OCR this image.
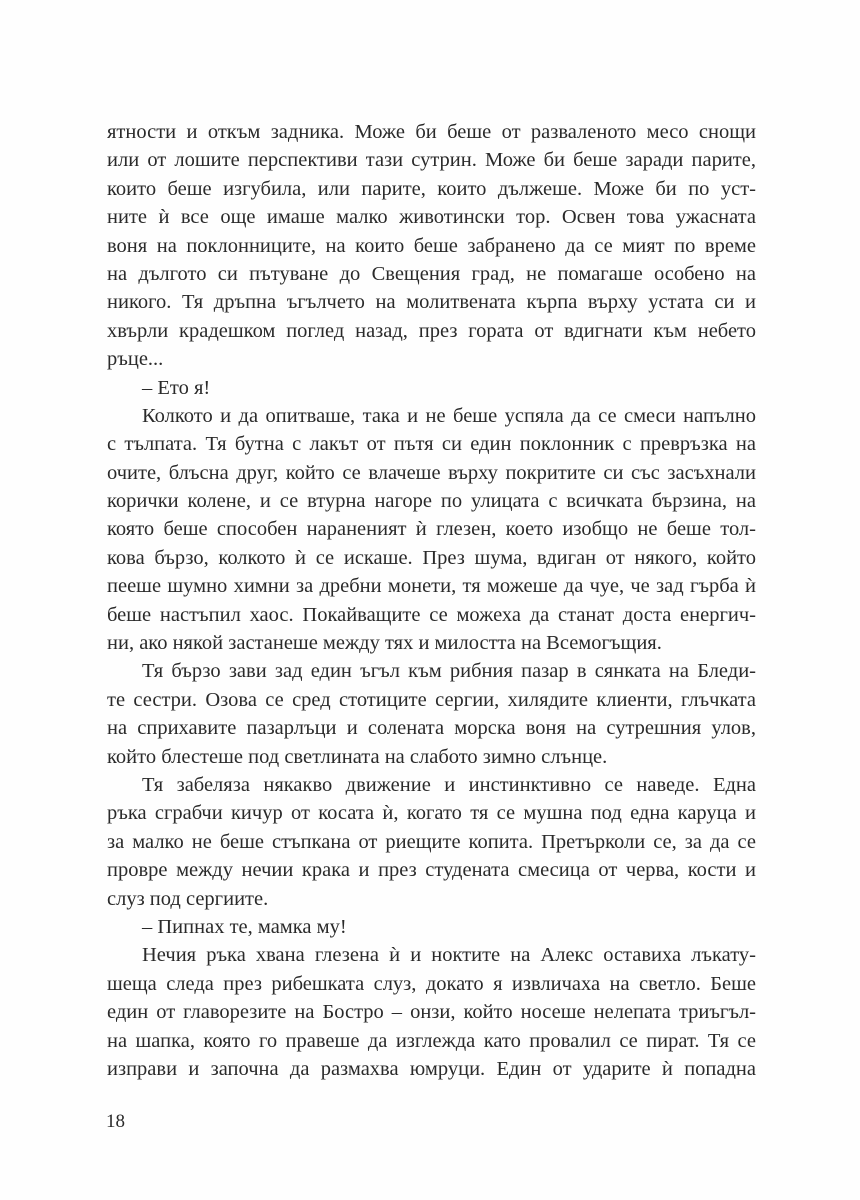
ятности и откъм задника. Може би беше от разваленото месо снощи
или от лошите перспективи тази сутрин. Може би беше заради парите,
които беше изгубила, или парите, които дължеше. Може би по уст-
ните ѝ все още имаше малко животински тор. Освен това ужасната
воня на поклонниците, на които беше забранено да се мият по време
на дългото си пътуване до Свещения град, не помагаше особено на
никого. Тя дръпна ъгълчето на молитвената кърпа върху устата си и
хвърли крадешком поглед назад, през гората от вдигнати към небето
ръце...
– Ето я!
Колкото и да опитваше, така и не беше успяла да се смеси напълно
с тълпата. Тя бутна с лакът от пътя си един поклонник с превръзка на
очите, блъсна друг, който се влачеше върху покритите си със засъхнали
корички колене, и се втурна нагоре по улицата с всичката бързина, на
която беше способен нараненият ѝ глезен, което изобщо не беше тол-
кова бързо, колкото ѝ се искаше. През шума, вдиган от някого, който
пееше шумно химни за дребни монети, тя можеше да чуе, че зад гърба ѝ
беше настъпил хаос. Покайващите се можеха да станат доста енергич-
ни, ако някой застанеше между тях и милостта на Всемогъщия.
Тя бързо зави зад един ъгъл към рибния пазар в сянката на Бледи-
те сестри. Озова се сред стотиците сергии, хилядите клиенти, глъчката
на сприхавите пазарлъци и солената морска воня на сутрешния улов,
който блестеше под светлината на слабото зимно слънце.
Тя забеляза някакво движение и инстинктивно се наведе. Една
ръка сграбчи кичур от косата ѝ, когато тя се мушна под една каруца и
за малко не беше стъпкана от риещите копита. Претърколи се, за да се
провре между нечии крака и през студената смесица от черва, кости и
слуз под сергиите.
– Пипнах те, мамка му!
Нечия ръка хвана глезена ѝ и ноктите на Алекс оставиха лъкату-
шеща следа през рибешката слуз, докато я извличаха на светло. Беше
един от главорезите на Бостро – онзи, който носеше нелепата триъгъл-
на шапка, която го правеше да изглежда като провалил се пират. Тя се
изправи и започна да размахва юмруци. Един от ударите ѝ попадна
18
